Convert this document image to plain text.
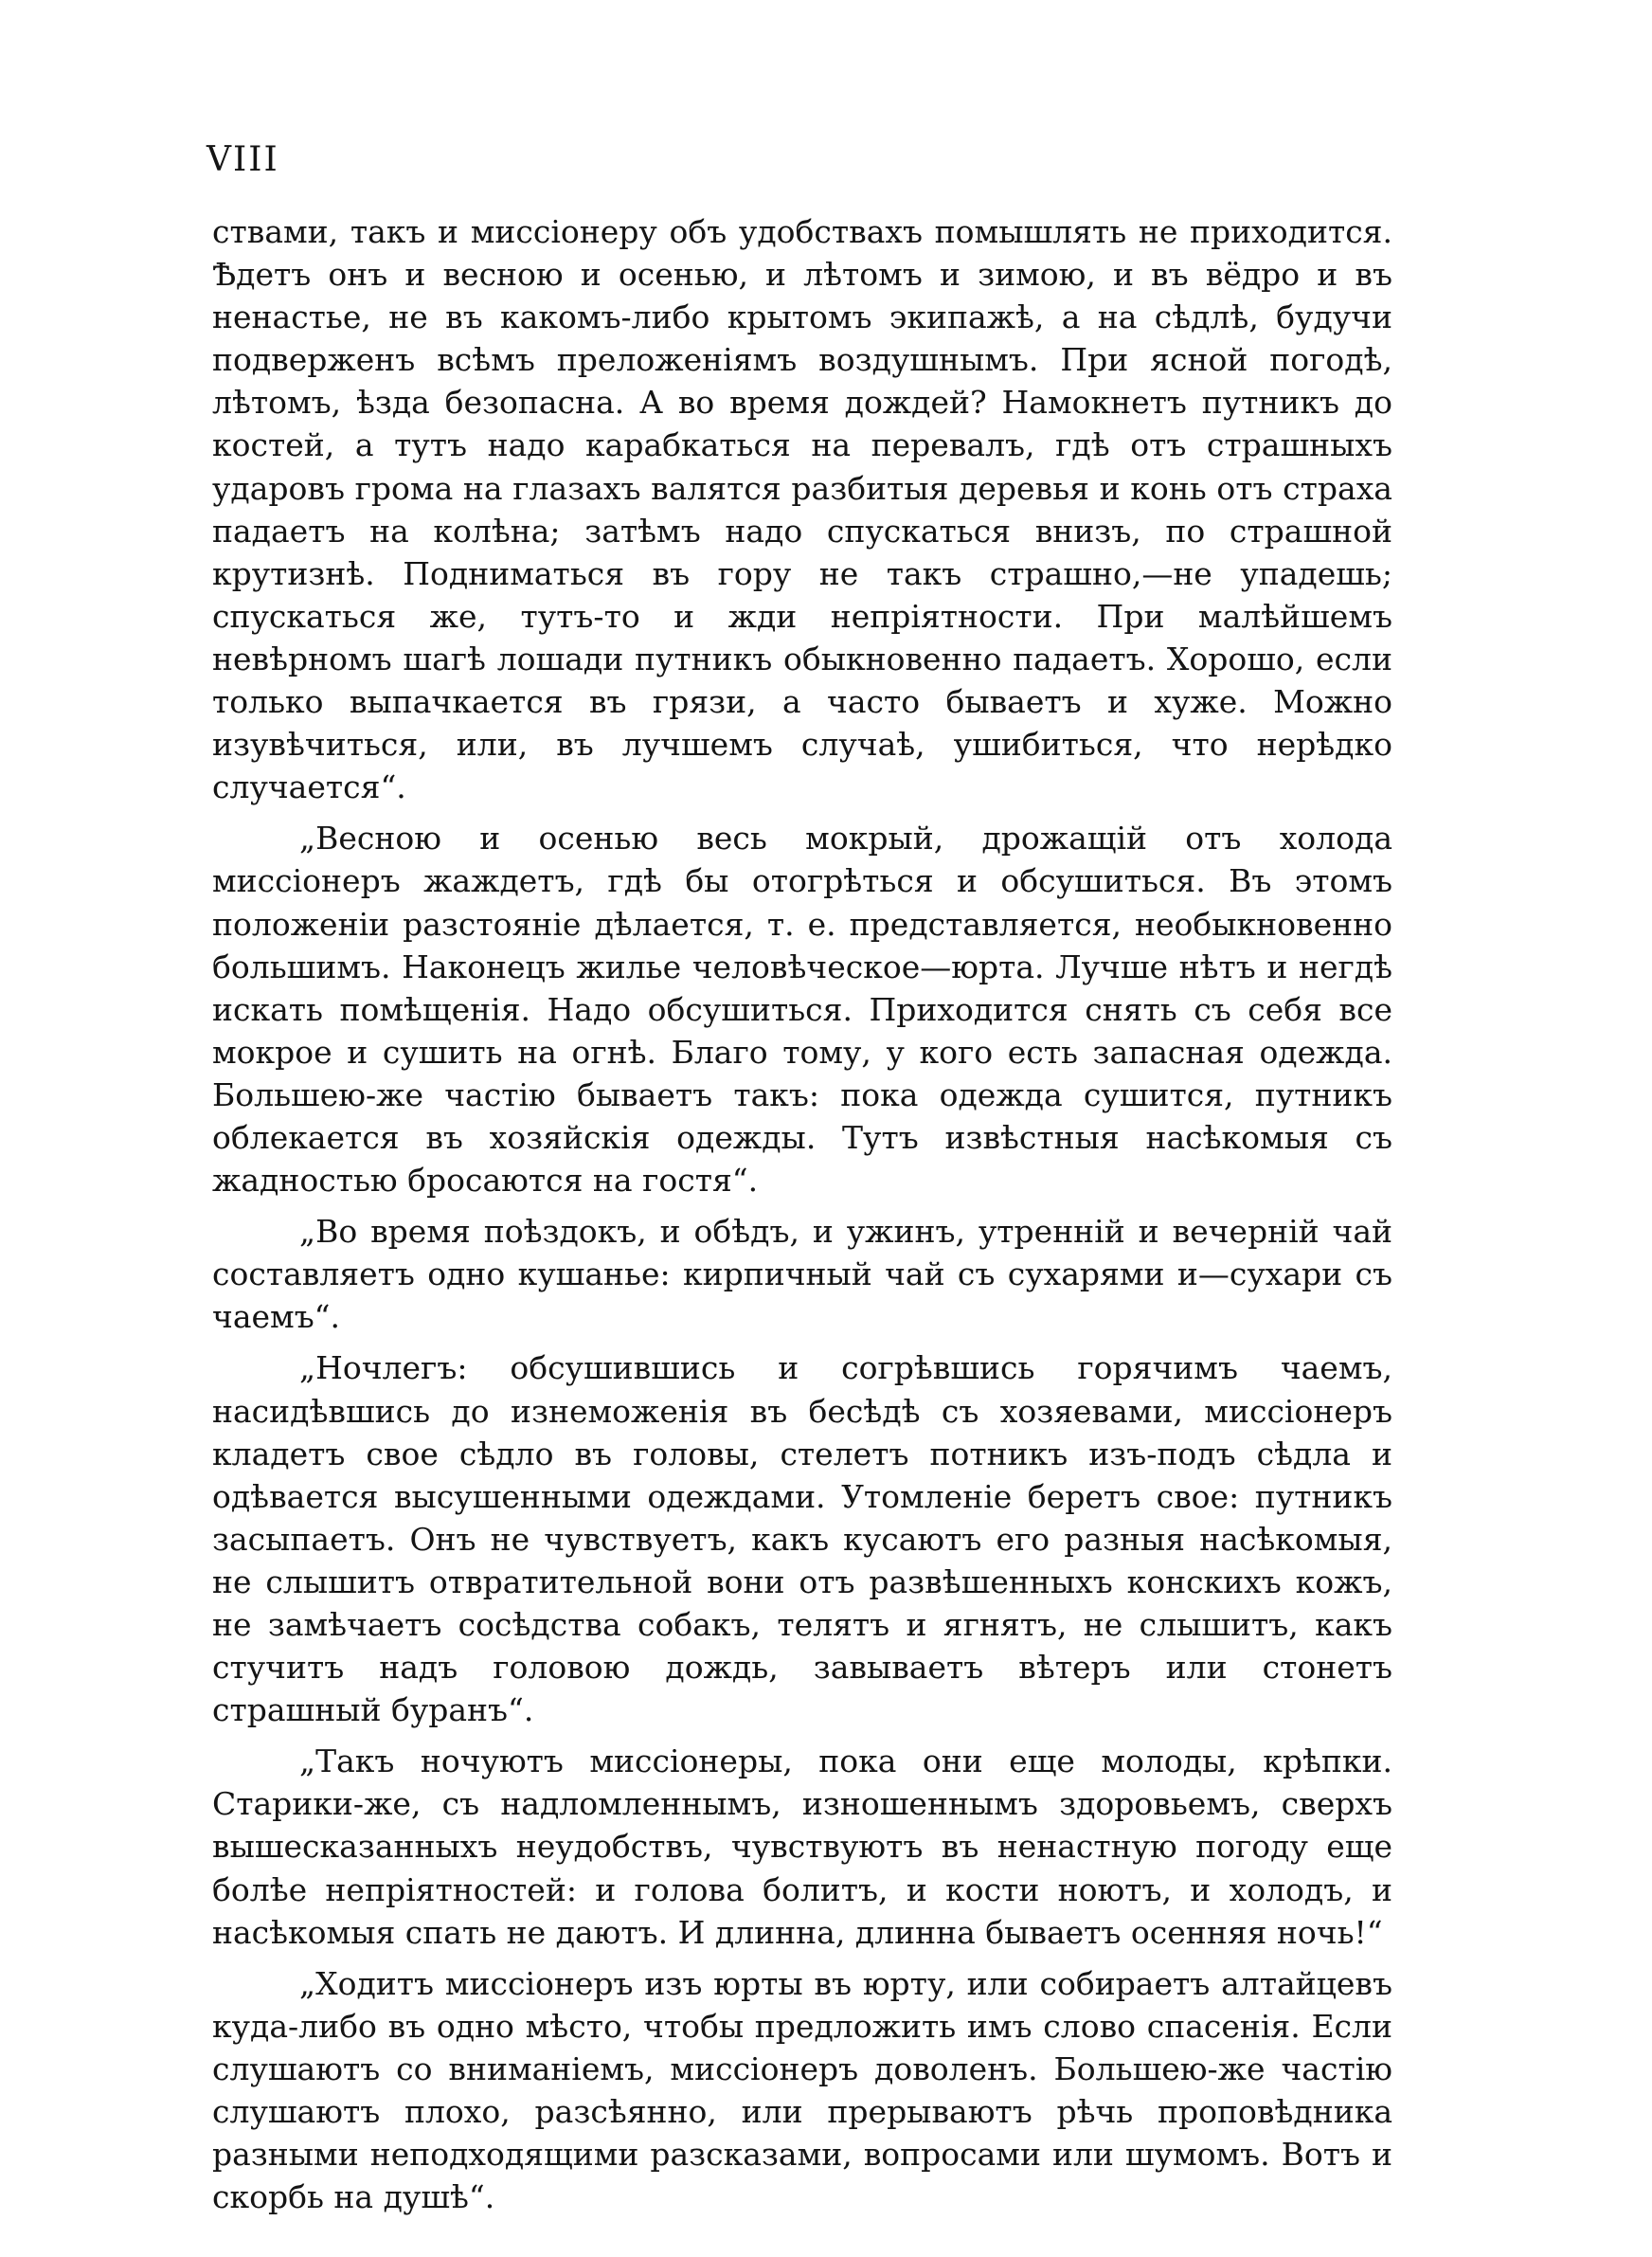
VIII

ствами, такъ и миссіонеру объ удобствахъ помышлять не приходится. Ѣдетъ онъ и весною и осенью, и лѣтомъ и зимою, и въ вёдро и въ ненастье, не въ какомъ-либо крытомъ экипажѣ, а на сѣдлѣ, будучи подверженъ всѣмъ преложеніямъ воздушнымъ. При ясной погодѣ, лѣтомъ, ѣзда безопасна. А во время дождей? Намокнетъ путникъ до костей, а тутъ надо карабкаться на перевалъ, гдѣ отъ страшныхъ ударовъ грома на глазахъ валятся разбитыя деревья и конь отъ страха падаетъ на колѣна; затѣмъ надо спускаться внизъ, по страшной крутизнѣ. Подниматься въ гору не такъ страшно,—не упадешь; спускаться же, тутъ-то и жди непріятности. При малѣйшемъ невѣрномъ шагѣ лошади путникъ обыкновенно падаетъ. Хорошо, если только выпачкается въ грязи, а часто бываетъ и хуже. Можно изувѣчиться, или, въ лучшемъ случаѣ, ушибиться, что нерѣдко случается“.

„Весною и осенью весь мокрый, дрожащій отъ холода миссіонеръ жаждетъ, гдѣ бы отогрѣться и обсушиться. Въ этомъ положеніи разстояніе дѣлается, т. е. представляется, необыкновенно большимъ. Наконецъ жилье человѣческое—юрта. Лучше нѣтъ и негдѣ искать помѣщенія. Надо обсушиться. Приходится снять съ себя все мокрое и сушить на огнѣ. Благо тому, у кого есть запасная одежда. Большею-же частію бываетъ такъ: пока одежда сушится, путникъ облекается въ хозяйскія одежды. Тутъ извѣстныя насѣкомыя съ жадностью бросаются на гостя“.

„Во время поѣздокъ, и обѣдъ, и ужинъ, утренній и вечерній чай составляетъ одно кушанье: кирпичный чай съ сухарями и—сухари съ чаемъ“.

„Ночлегъ: обсушившись и согрѣвшись горячимъ чаемъ, насидѣвшись до изнеможенія въ бесѣдѣ съ хозяевами, миссіонеръ кладетъ свое сѣдло въ головы, стелетъ потникъ изъ-подъ сѣдла и одѣвается высушенными одеждами. Утомленіе беретъ свое: путникъ засыпаетъ. Онъ не чувствуетъ, какъ кусаютъ его разныя насѣкомыя, не слышитъ отвратительной вони отъ развѣшенныхъ конскихъ кожъ, не замѣчаетъ сосѣдства собакъ, телятъ и ягнятъ, не слышитъ, какъ стучитъ надъ головою дождь, завываетъ вѣтеръ или стонетъ страшный буранъ“.

„Такъ ночуютъ миссіонеры, пока они еще молоды, крѣпки. Старики-же, съ надломленнымъ, изношеннымъ здоровьемъ, сверхъ вышесказанныхъ неудобствъ, чувствуютъ въ ненастную погоду еще болѣе непріятностей: и голова болитъ, и кости ноютъ, и холодъ, и насѣкомыя спать не даютъ. И длинна, длинна бываетъ осенняя ночь!“

„Ходитъ миссіонеръ изъ юрты въ юрту, или собираетъ алтайцевъ куда-либо въ одно мѣсто, чтобы предложить имъ слово спасенія. Если слушаютъ со вниманіемъ, миссіонеръ доволенъ. Большею-же частію слушаютъ плохо, разсѣянно, или прерываютъ рѣчь проповѣдника разными неподходящими разсказами, вопросами или шумомъ. Вотъ и скорбь на душѣ“.
